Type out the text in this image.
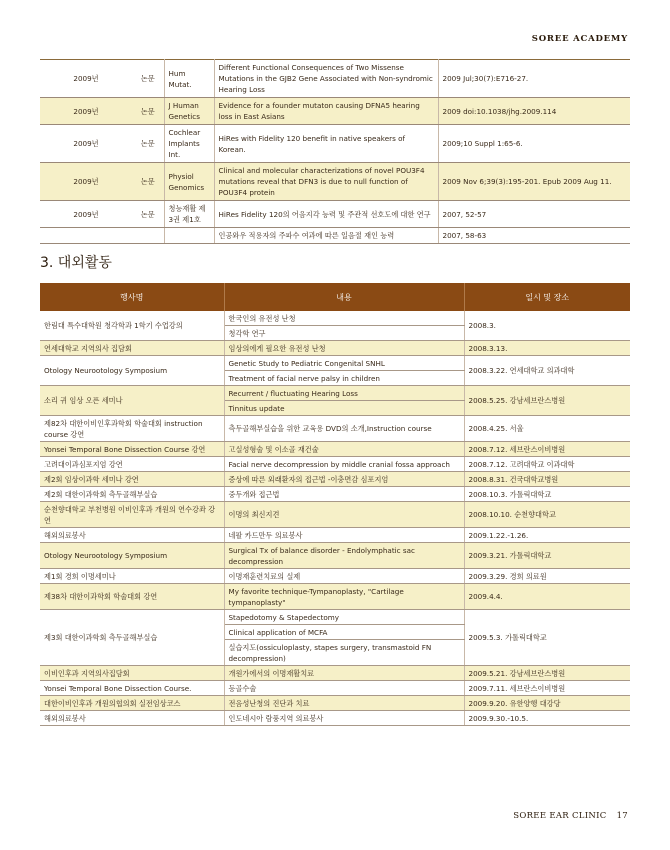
SOREE ACADEMY
2009년	논문	Hum Mutat.	Different Functional Consequences of Two Missense Mutations in the GJB2 Gene Associated with Non-syndromic Hearing Loss	2009 Jul;30(7):E716-27.
2009년	논문	J Human Genetics	Evidence for a founder mutaton causing DFNA5 hearing loss in East Asians	2009 doi:10.1038/jhg.2009.114
2009년	논문	Cochlear Implants Int.	HiRes with Fidelity 120 benefit in native speakers of Korean.	2009;10 Suppl 1:65-6.
2009년	논문	Physiol Genomics	Clinical and molecular characterizations of novel POU3F4 mutations reveal that DFN3 is due to null function of POU3F4 protein	2009 Nov 6;39(3):195-201. Epub 2009 Aug 11.
2009년	논문	청능재활 제3권 제1호	HiRes Fidelity 120의 어음지각 능력 및 주관적 선호도에 대한 연구	2007, 52-57
			인공와우 적용자의 주파수 여과에 따른 일음절 재인 능력	2007, 58-63
3. 대외활동
행사명	내용	일시 및 장소
한림대 특수대학원 청각학과 1학기 수업강의	한국인의 유전성 난청	2008.3.
	청각학 연구	
연세대학교 지역의사 집담회	임상의에게 필요한 유전성 난청	2008.3.13.
Otology Neurootology Symposium	Genetic Study to Pediatric Congenital SNHL	2008.3.22. 연세대학교 의과대학
	Treatment of facial nerve palsy in children	
소리 귀 임상 오픈 세미나	Recurrent / fluctuating Hearing Loss	2008.5.25. 강남세브란스병원
	Tinnitus update	
제82차 대한이비인후과학회 학술대회 instruction course 강연	측두골해부실습을 위한 교육용 DVD의 소개,Instruction course	2008.4.25. 서울
Yonsei Temporal Bone Dissection Course 강연	고실성형술 및 이소골 재건술	2008.7.12. 세브란스이비병원
고려대이과심포지엄 강연	Facial nerve decompression by middle cranial fossa approach	2008.7.12. 고려대학교 이과대학
제2회 임상이과학 세미나 강연	증상에 따른 외래환자의 접근법 -이충면감 심포지엄	2008.8.31. 건국대학교병원
제2회 대한이과학회 측두골해부실습	중두개와 접근법	2008.10.3. 가톨릭대학교
순천향대학교 부천병원 이비인후과 개원의 연수강좌 강연	이명의 최신지견	2008.10.10. 순천향대학교
해외의료봉사	네팔 카드만두 의료봉사	2009.1.22.-1.26.
Otology Neurootology Symposium	Surgical Tx of balance disorder - Endolymphatic sac decompression	2009.3.21. 가톨릭대학교
제1회 경희 이명세미나	이명재훈련치료의 실제	2009.3.29. 경희 의료원
제38차 대한이과학회 학술대회 강연	My favorite technique-Tympanoplasty, "Cartilage tympanoplasty"	2009.4.4.
제3회 대한이과학회 측두골해부실습	Stapedotomy & Stapedectomy	2009.5.3. 가톨릭대학교
	Clinical application of MCFA	
	실습지도(ossiculoplasty, stapes surgery, transmastoid FN decompression)	
이비인후과 지역의사집담회	개원가에서의 이명재활치료	2009.5.21. 강남세브란스병원
Yonsei Temporal Bone Dissection Course.	등골수술	2009.7.11. 세브란스이비병원
대한이비인후과 개원의협의회 실전임상코스	전음성난청의 진단과 치료	2009.9.20. 유한양행 대강당
해외의료봉사	인도네시아 람풍지역 의료봉사	2009.9.30.-10.5.
SOREE EAR CLINIC 17
